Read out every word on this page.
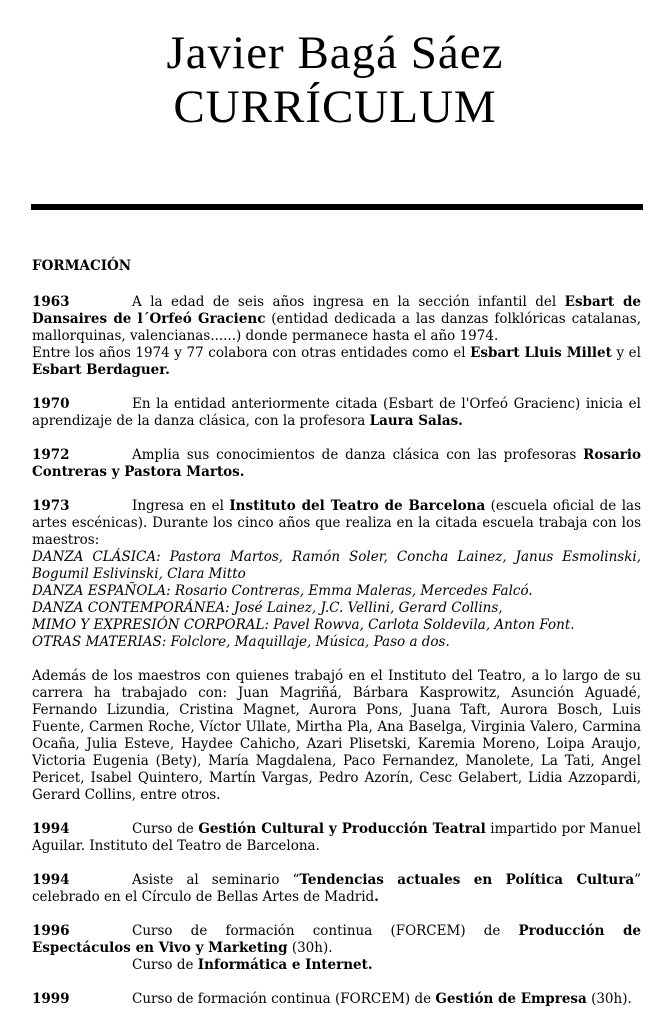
Javier Bagá Sáez
CURRÍCULUM
FORMACIÓN

1963	A la edad de seis años ingresa en la sección infantil del Esbart de Dansaires de l´Orfeó Gracienc (entidad dedicada a las danzas folklóricas catalanas, mallorquinas, valencianas......) donde permanece hasta el año 1974.

Entre los años 1974 y 77 colabora con otras entidades como el Esbart Lluis Millet y el Esbart Berdaguer.

1970	En la entidad anteriormente citada (Esbart de l'Orfeó Gracienc) inicia el aprendizaje de la danza clásica, con la profesora Laura Salas.

1972	Amplia sus conocimientos de danza clásica con las profesoras Rosario Contreras y Pastora Martos.

1973	Ingresa en el Instituto del Teatro de Barcelona (escuela oficial de las artes escénicas). Durante los cinco años que realiza en la citada escuela trabaja con los maestros:

DANZA CLÁSICA: Pastora Martos, Ramón Soler, Concha Lainez, Janus Esmolinski, Bogumil Eslivinski, Clara Mitto

DANZA ESPAÑOLA: Rosario Contreras, Emma Maleras, Mercedes Falcó.

DANZA CONTEMPORÁNEA: José Lainez, J.C. Vellini, Gerard Collins,

MIMO Y EXPRESIÓN CORPORAL: Pavel Rowva, Carlota Soldevila, Anton Font.

OTRAS MATERIAS: Folclore, Maquillaje, Música, Paso a dos.

Además de los maestros con quienes trabajó en el Instituto del Teatro, a lo largo de su carrera ha trabajado con: Juan Magriñá, Bárbara Kasprowitz, Asunción Aguadé, Fernando Lizundia, Cristina Magnet, Aurora Pons, Juana Taft, Aurora Bosch, Luis Fuente, Carmen Roche, Víctor Ullate, Mirtha Pla, Ana Baselga, Virginia Valero, Carmina Ocaña, Julia Esteve, Haydee Cahicho, Azari Plisetski, Karemia Moreno, Loipa Araujo, Victoria Eugenia (Bety), María Magdalena, Paco Fernandez, Manolete, La Tati, Angel Pericet, Isabel Quintero, Martín Vargas, Pedro Azorín, Cesc Gelabert, Lidia Azzopardi, Gerard Collins, entre otros.

1994	Curso de Gestión Cultural y Producción Teatral impartido por Manuel Aguilar. Instituto del Teatro de Barcelona.

1994	Asiste al seminario “Tendencias actuales en Política Cultura” celebrado en el Círculo de Bellas Artes de Madrid.

1996	Curso de formación continua (FORCEM) de Producción de Espectáculos en Vivo y Marketing (30h).

Curso de Informática e Internet.

1999	Curso de formación continua (FORCEM) de Gestión de Empresa (30h).
